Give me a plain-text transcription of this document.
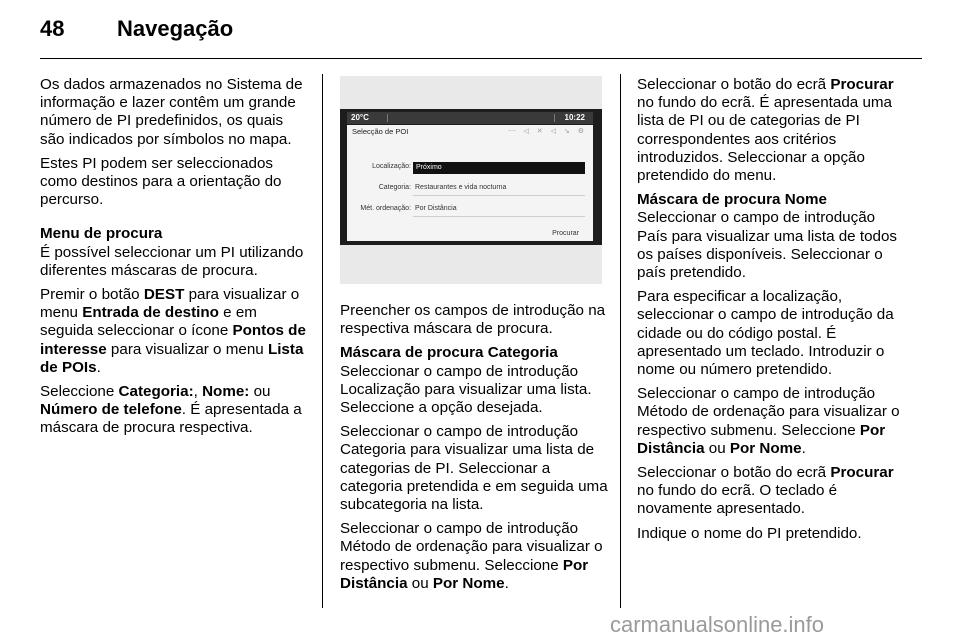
48 Navegação

Os dados armazenados no Sistema de informação e lazer contêm um grande número de PI predefinidos, os quais são indicados por símbolos no mapa.

Estes PI podem ser seleccionados como destinos para a orientação do percurso.

Menu de procura

É possível seleccionar um PI utilizando diferentes máscaras de procura.

Premir o botão DEST para visualizar o menu Entrada de destino e em seguida seleccionar o ícone Pontos de interesse para visualizar o menu Lista de POIs.

Seleccione Categoria:, Nome: ou Número de telefone. É apresentada a máscara de procura respectiva.

20°C	10:22
Selecção de POI	⋯ ◁ ✕ ◁ ↘ ⚙
Localização: Próximo
Categoria: Restaurantes e vida nocturna
Mét. ordenação: Por Distância
Procurar

Preencher os campos de introdução na respectiva máscara de procura.

Máscara de procura Categoria

Seleccionar o campo de introdução Localização para visualizar uma lista. Seleccione a opção desejada.

Seleccionar o campo de introdução Categoria para visualizar uma lista de categorias de PI. Seleccionar a categoria pretendida e em seguida uma subcategoria na lista.

Seleccionar o campo de introdução Método de ordenação para visualizar o respectivo submenu. Seleccione Por Distância ou Por Nome.

Seleccionar o botão do ecrã Procurar no fundo do ecrã. É apresentada uma lista de PI ou de categorias de PI correspondentes aos critérios introduzidos. Seleccionar a opção pretendido do menu.

Máscara de procura Nome

Seleccionar o campo de introdução País para visualizar uma lista de todos os países disponíveis. Seleccionar o país pretendido.

Para especificar a localização, seleccionar o campo de introdução da cidade ou do código postal. É apresentado um teclado. Introduzir o nome ou número pretendido.

Seleccionar o campo de introdução Método de ordenação para visualizar o respectivo submenu. Seleccione Por Distância ou Por Nome.

Seleccionar o botão do ecrã Procurar no fundo do ecrã. O teclado é novamente apresentado.

Indique o nome do PI pretendido.

carmanualsonline.info
